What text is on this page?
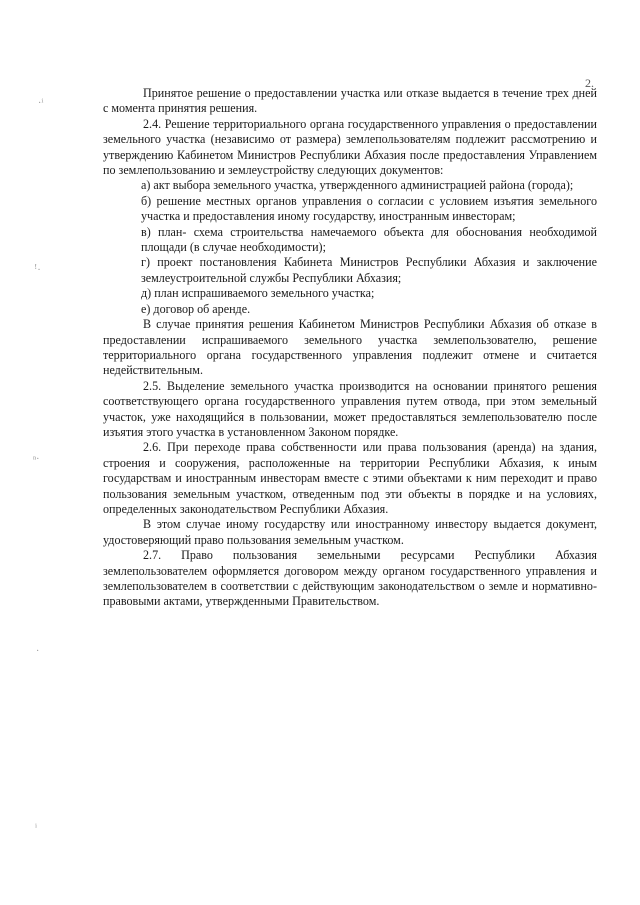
2.
·ⁱ
ꜝ·
ⁿ·
·
ⁱ

Принятое решение о предоставлении участка или отказе выдается в течение трех дней с момента принятия решения.

2.4. Решение территориального органа государственного управления о предоставлении земельного участка (независимо от размера) землепользователям подлежит рассмотрению и утверждению Кабинетом Министров Республики Абхазия после предоставления Управлением по землепользованию и землеустройству следующих документов:

а) акт выбора земельного участка, утвержденного администрацией района (города);

б) решение местных органов управления о согласии с условием изъятия земельного участка и предоставления иному государству, иностранным инвесторам;

в) план- схема строительства намечаемого объекта для обоснования необходимой площади (в случае необходимости);

г) проект постановления Кабинета Министров Республики Абхазия и заключение землеустроительной службы Республики Абхазия;

д) план испрашиваемого земельного участка;

е) договор об аренде.

В случае принятия решения Кабинетом Министров Республики Абхазия об отказе в предоставлении испрашиваемого земельного участка землепользователю, решение территориального органа государственного управления подлежит отмене и считается недействительным.

2.5. Выделение земельного участка производится на основании принятого решения соответствующего органа государственного управления путем отвода, при этом земельный участок, уже находящийся в пользовании, может предоставляться землепользователю после изъятия этого участка в установленном Законом порядке.

2.6. При переходе права собственности или права пользования (аренда) на здания, строения и сооружения, расположенные на территории Республики Абхазия, к иным государствам и иностранным инвесторам вместе с этими объектами к ним переходит и право пользования земельным участком, отведенным под эти объекты в порядке и на условиях, определенных законодательством Республики Абхазия.

В этом случае иному государству или иностранному инвестору выдается документ, удостоверяющий право пользования земельным участком.

2.7. Право пользования земельными ресурсами Республики Абхазия землепользователем оформляется договором между органом государственного управления и землепользователем в соответствии с действующим законодательством о земле и нормативно-правовыми актами, утвержденными Правительством.
